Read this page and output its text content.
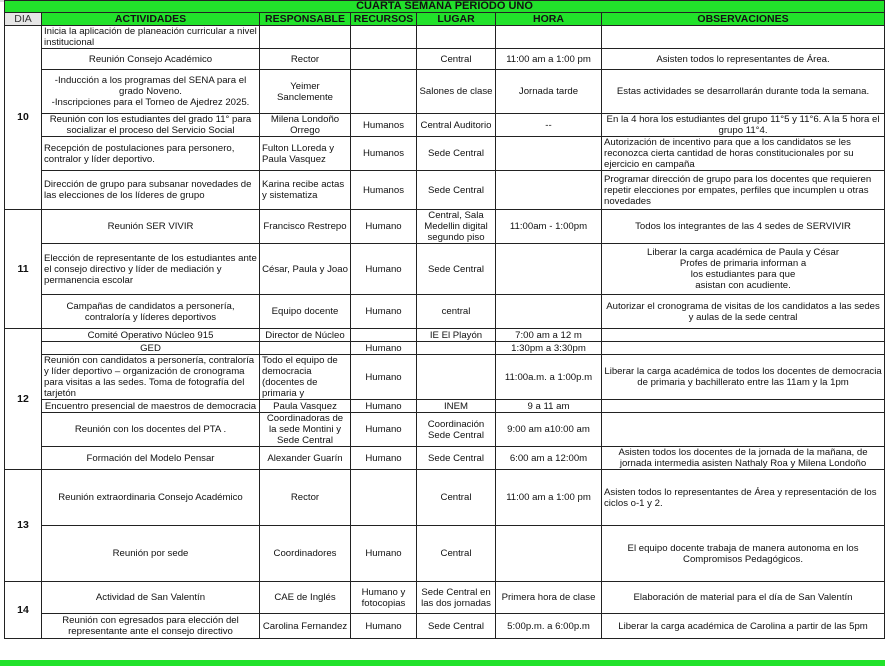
CUARTA SEMANA PERIODO UNO						
DIA	ACTIVIDADES	RESPONSABLE	RECURSOS	LUGAR	HORA	OBSERVACIONES
10	Inicia la aplicación de planeación curricular a nivel institucional					
	Reunión Consejo Académico	Rector		Central	11:00 am a 1:00 pm	Asisten todos lo representantes de Área.
	-Inducción a los programas del SENA para el grado Noveno.
-Inscripciones para el Torneo de Ajedrez 2025.	Yeimer Sanclemente		Salones de clase	Jornada tarde	Estas actividades se desarrollarán durante toda la semana.
	Reunión con los estudiantes del grado 11° para socializar el proceso del Servicio Social	Milena Londoño Orrego	Humanos	Central Auditorio	--	En la 4 hora los estudiantes del grupo 11°5 y 11°6. A la 5 hora el grupo 11°4.
	Recepción de postulaciones para personero, contralor y líder deportivo.	Fulton LLoreda y Paula Vasquez	Humanos	Sede Central		Autorización de incentivo para que a los candidatos se les reconozca cierta cantidad de horas constitucionales por su ejercicio en campaña
	Dirección de grupo para subsanar novedades de las elecciones de los líderes de grupo	Karina recibe actas y sistematiza	Humanos	Sede Central		Programar dirección de grupo para los docentes que requieren repetir elecciones por empates, perfiles que incumplen u otras novedades
11	Reunión SER VIVIR	Francisco Restrepo	Humano	Central, Sala Medellin digital segundo piso	11:00am - 1:00pm	Todos los integrantes de las 4 sedes de SERVIVIR
	Elección de representante de los estudiantes ante el consejo directivo y líder de mediación y permanencia escolar	César, Paula y Joao	Humano	Sede Central		Liberar la carga académica de Paula y César
Profes de primaria informan a
los estudiantes para que
asistan con acudiente.
	Campañas de candidatos a personería, contraloría y líderes deportivos	Equipo docente	Humano	central		Autorizar el cronograma de visitas de los candidatos a las sedes y aulas de la sede central
12	Comité Operativo Núcleo 915	Director de Núcleo		IE El Playón	7:00 am a 12 m	
	GED		Humano		1:30pm a 3:30pm	
	Reunión con candidatos a personería, contraloría y líder deportivo – organización de cronograma para visitas a las sedes. Toma de fotografía del tarjetón	Todo el equipo de democracia (docentes de primaria y	Humano		11:00a.m. a 1:00p.m	Liberar la carga académica de todos los docentes de democracia de primaria y bachillerato entre las 11am y la 1pm
	Encuentro presencial de maestros de democracia	Paula Vasquez	Humano	INEM	9 a 11 am	
	Reunión con los docentes del PTA .	Coordinadoras de la sede Montini y Sede Central	Humano	Coordinación Sede Central	9:00 am a10:00 am	
	Formación del Modelo Pensar	Alexander Guarín	Humano	Sede Central	6:00 am a 12:00m	Asisten todos los docentes de la jornada de la mañana, de jornada intermedia asisten Nathaly Roa y Milena Londoño
13	Reunión extraordinaria Consejo Académico	Rector		Central	11:00 am a 1:00 pm	Asisten todos lo representantes de Área y representación de los ciclos o-1 y 2.
	Reunión por sede	Coordinadores	Humano	Central		El equipo docente trabaja de manera autonoma en los Compromisos Pedagógicos.
14	Actividad de San Valentín	CAE de Inglés	Humano y fotocopias	Sede Central en las dos jornadas	Primera hora de clase	Elaboración de material para el día de San Valentín
	Reunión con egresados para elección del representante ante el consejo directivo	Carolina Fernandez	Humano	Sede Central	5:00p.m. a 6:00p.m	Liberar la carga académica de Carolina a partir de las 5pm
